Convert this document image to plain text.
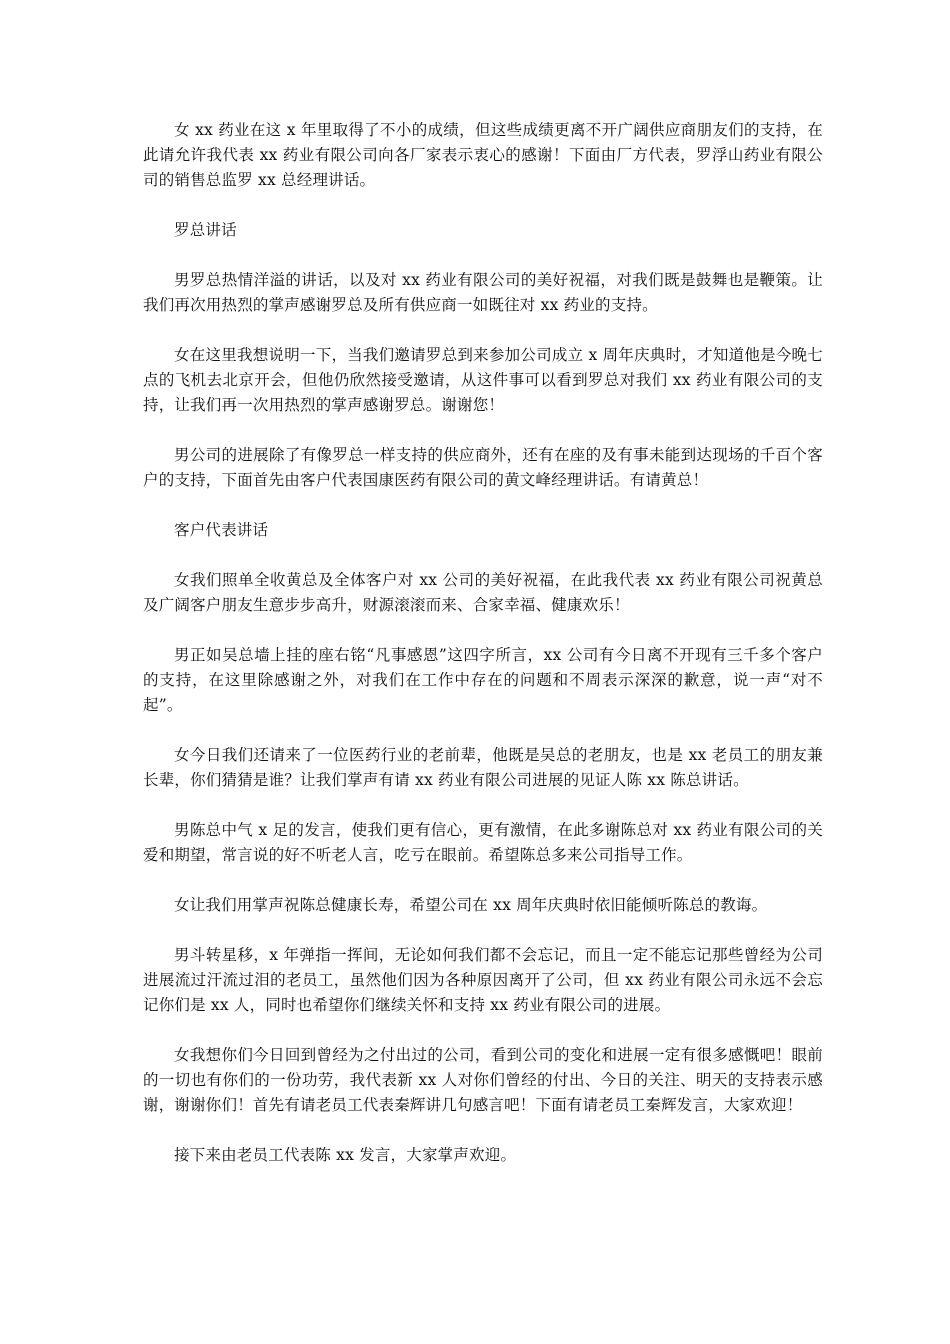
女 xx 药业在这 x 年里取得了不小的成绩，但这些成绩更离不开广阔供应商朋友们的支持，在此请允许我代表 xx 药业有限公司向各厂家表示衷心的感谢！下面由厂方代表，罗浮山药业有限公司的销售总监罗 xx 总经理讲话。

罗总讲话

男罗总热情洋溢的讲话，以及对 xx 药业有限公司的美好祝福，对我们既是鼓舞也是鞭策。让我们再次用热烈的掌声感谢罗总及所有供应商一如既往对 xx 药业的支持。

女在这里我想说明一下，当我们邀请罗总到来参加公司成立 x 周年庆典时，才知道他是今晚七点的飞机去北京开会，但他仍欣然接受邀请，从这件事可以看到罗总对我们 xx 药业有限公司的支持，让我们再一次用热烈的掌声感谢罗总。谢谢您！

男公司的进展除了有像罗总一样支持的供应商外，还有在座的及有事未能到达现场的千百个客户的支持，下面首先由客户代表国康医药有限公司的黄文峰经理讲话。有请黄总！

客户代表讲话

女我们照单全收黄总及全体客户对 xx 公司的美好祝福，在此我代表 xx 药业有限公司祝黄总及广阔客户朋友生意步步高升，财源滚滚而来、合家幸福、健康欢乐！

男正如吴总墙上挂的座右铭“凡事感恩”这四字所言，xx 公司有今日离不开现有三千多个客户的支持，在这里除感谢之外，对我们在工作中存在的问题和不周表示深深的歉意，说一声“对不起”。

女今日我们还请来了一位医药行业的老前辈，他既是吴总的老朋友，也是 xx 老员工的朋友兼长辈，你们猜猜是谁？让我们掌声有请 xx 药业有限公司进展的见证人陈 xx 陈总讲话。

男陈总中气 x 足的发言，使我们更有信心，更有激情，在此多谢陈总对 xx 药业有限公司的关爱和期望，常言说的好不听老人言，吃亏在眼前。希望陈总多来公司指导工作。

女让我们用掌声祝陈总健康长寿，希望公司在 xx 周年庆典时依旧能倾听陈总的教诲。

男斗转星移，x 年弹指一挥间，无论如何我们都不会忘记，而且一定不能忘记那些曾经为公司进展流过汗流过泪的老员工，虽然他们因为各种原因离开了公司，但 xx 药业有限公司永远不会忘记你们是 xx 人，同时也希望你们继续关怀和支持 xx 药业有限公司的进展。

女我想你们今日回到曾经为之付出过的公司，看到公司的变化和进展一定有很多感慨吧！眼前的一切也有你们的一份功劳，我代表新 xx 人对你们曾经的付出、今日的关注、明天的支持表示感谢，谢谢你们！首先有请老员工代表秦辉讲几句感言吧！下面有请老员工秦辉发言，大家欢迎！

接下来由老员工代表陈 xx 发言，大家掌声欢迎。
